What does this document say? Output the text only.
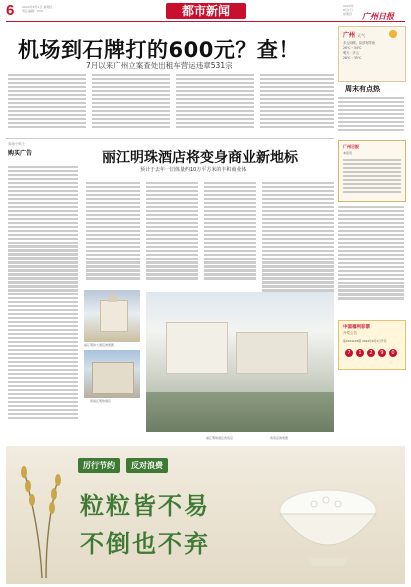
6	2024年8月1日 星期四
责任编辑：XXX	都市新闻	2024年
8月1日
星期四 广州日报
机场到石牌打的600元？查！
7月以来广州立案查处出租车营运违章531宗
广州 天气
多云间晴，局部有阵雨
26℃～34℃
明天：多云
26℃～35℃
周末有点热
商场小贴士
购买广告	丽江明珠酒店将变身商业新地标
预计于去年一旧体量约10万平方米的丰积商业体
丽江明珠大酒店效果图
原丽江明珠酒店
丽江明珠酒店改造后	改造后效果图
广州日报
本报讯
中国福利彩票
开奖公告
第2024203期 2024年8月1日开奖
7	1	2	9	0
厉行节约	反对浪费
粒粒皆不易
不倒也不弃
